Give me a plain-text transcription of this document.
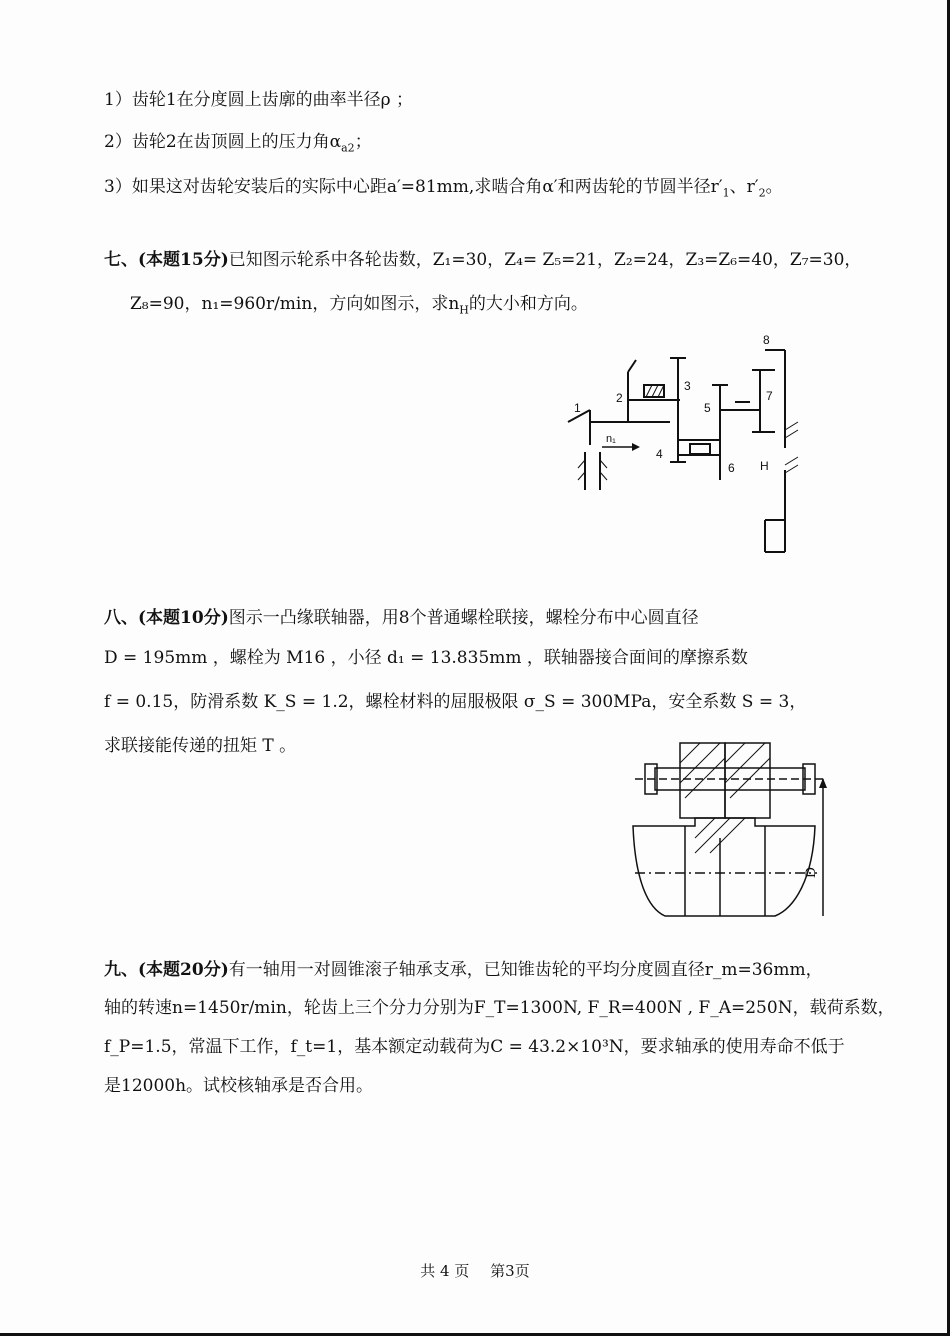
1）齿轮1在分度圆上齿廓的曲率半径ρ ；
2）齿轮2在齿顶圆上的压力角$\alpha_{a2}$；
3）如果这对齿轮安装后的实际中心距a′=81mm,求啮合角α′和两齿轮的节圆半径$r'_1$、$r'_2$。
七、(本题15分)已知图示轮系中各轮齿数，Z₁=30，Z₄= Z₅=21，Z₂=24，Z₃=Z₆=40，Z₇=30，
Z₈=90，n₁=960r/min，方向如图示，求$n_H$的大小和方向。
1
2
3
4
5
6
7
8
H
n₁
八、(本题10分)图示一凸缘联轴器，用8个普通螺栓联接，螺栓分布中心圆直径
D = 195mm ，螺栓为 M16 ，小径 d₁ = 13.835mm ，联轴器接合面间的摩擦系数
f = 0.15，防滑系数 K_S = 1.2，螺栓材料的屈服极限 σ_S = 300MPa，安全系数 S = 3，
求联接能传递的扭矩 T 。
D
九、(本题20分)有一轴用一对圆锥滚子轴承支承，已知锥齿轮的平均分度圆直径r_m=36mm，
轴的转速n=1450r/min，轮齿上三个分力分别为F_T=1300N, F_R=400N , F_A=250N，载荷系数，
f_P=1.5，常温下工作，f_t=1，基本额定动载荷为C = 43.2×10³N，要求轴承的使用寿命不低于
是12000h。试校核轴承是否合用。
共 4 页 第3页
